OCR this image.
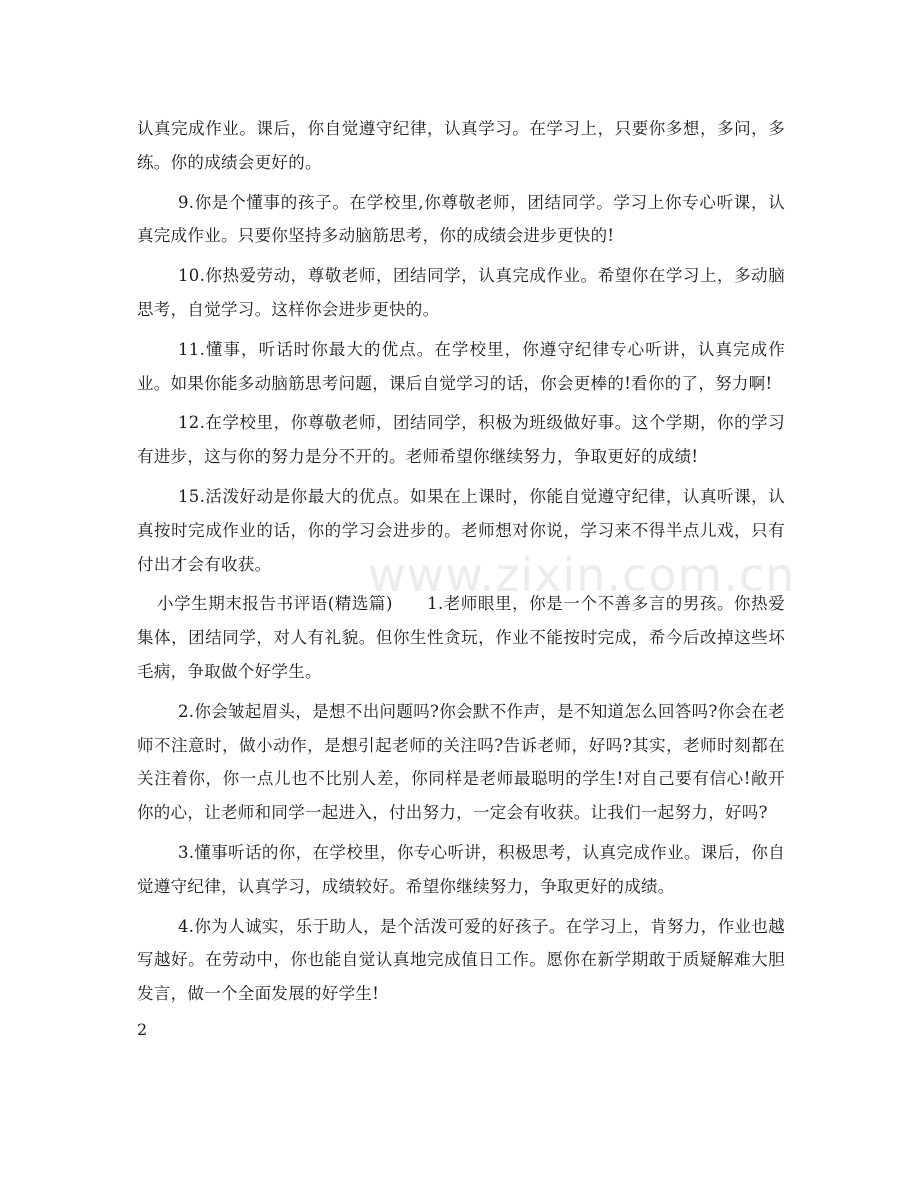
认真完成作业。课后，你自觉遵守纪律，认真学习。在学习上，只要你多想，多问，多练。你的成绩会更好的。

9.你是个懂事的孩子。在学校里,你尊敬老师，团结同学。学习上你专心听课，认真完成作业。只要你坚持多动脑筋思考，你的成绩会进步更快的!

10.你热爱劳动，尊敬老师，团结同学，认真完成作业。希望你在学习上，多动脑思考，自觉学习。这样你会进步更快的。

11.懂事，听话时你最大的优点。在学校里，你遵守纪律专心听讲，认真完成作业。如果你能多动脑筋思考问题，课后自觉学习的话，你会更棒的!看你的了，努力啊!

12.在学校里，你尊敬老师，团结同学，积极为班级做好事。这个学期，你的学习有进步，这与你的努力是分不开的。老师希望你继续努力，争取更好的成绩!

15.活泼好动是你最大的优点。如果在上课时，你能自觉遵守纪律，认真听课，认真按时完成作业的话，你的学习会进步的。老师想对你说，学习来不得半点儿戏，只有付出才会有收获。

小学生期末报告书评语(精选篇)　　1.老师眼里，你是一个不善多言的男孩。你热爱集体，团结同学，对人有礼貌。但你生性贪玩，作业不能按时完成，希今后改掉这些坏毛病，争取做个好学生。

2.你会皱起眉头，是想不出问题吗?你会默不作声，是不知道怎么回答吗?你会在老师不注意时，做小动作，是想引起老师的关注吗?告诉老师，好吗?其实，老师时刻都在关注着你，你一点儿也不比别人差，你同样是老师最聪明的学生!对自己要有信心!敞开你的心，让老师和同学一起进入，付出努力，一定会有收获。让我们一起努力，好吗?

3.懂事听话的你，在学校里，你专心听讲，积极思考，认真完成作业。课后，你自觉遵守纪律，认真学习，成绩较好。希望你继续努力，争取更好的成绩。

4.你为人诚实，乐于助人，是个活泼可爱的好孩子。在学习上，肯努力，作业也越写越好。在劳动中，你也能自觉认真地完成值日工作。愿你在新学期敢于质疑解难大胆发言，做一个全面发展的好学生!

www.zixin.com.cn
2
